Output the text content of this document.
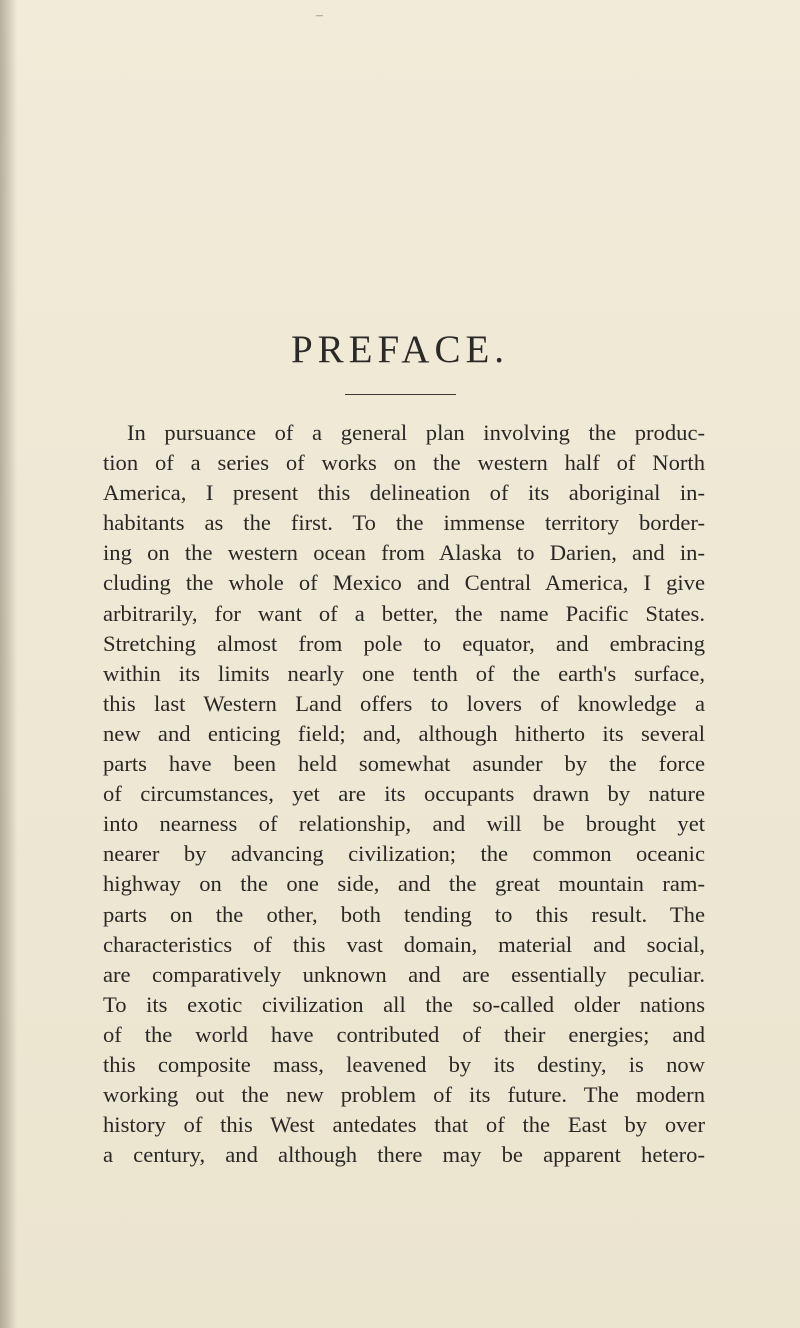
–
PREFACE.
In pursuance of a general plan involving the produc-
tion of a series of works on the western half of North
America, I present this delineation of its aboriginal in-
habitants as the first. To the immense territory border-
ing on the western ocean from Alaska to Darien, and in-
cluding the whole of Mexico and Central America, I give
arbitrarily, for want of a better, the name Pacific States.
Stretching almost from pole to equator, and embracing
within its limits nearly one tenth of the earth's surface,
this last Western Land offers to lovers of knowledge a
new and enticing field; and, although hitherto its several
parts have been held somewhat asunder by the force
of circumstances, yet are its occupants drawn by nature
into nearness of relationship, and will be brought yet
nearer by advancing civilization; the common oceanic
highway on the one side, and the great mountain ram-
parts on the other, both tending to this result. The
characteristics of this vast domain, material and social,
are comparatively unknown and are essentially peculiar.
To its exotic civilization all the so-called older nations
of the world have contributed of their energies; and
this composite mass, leavened by its destiny, is now
working out the new problem of its future. The modern
history of this West antedates that of the East by over
a century, and although there may be apparent hetero-
